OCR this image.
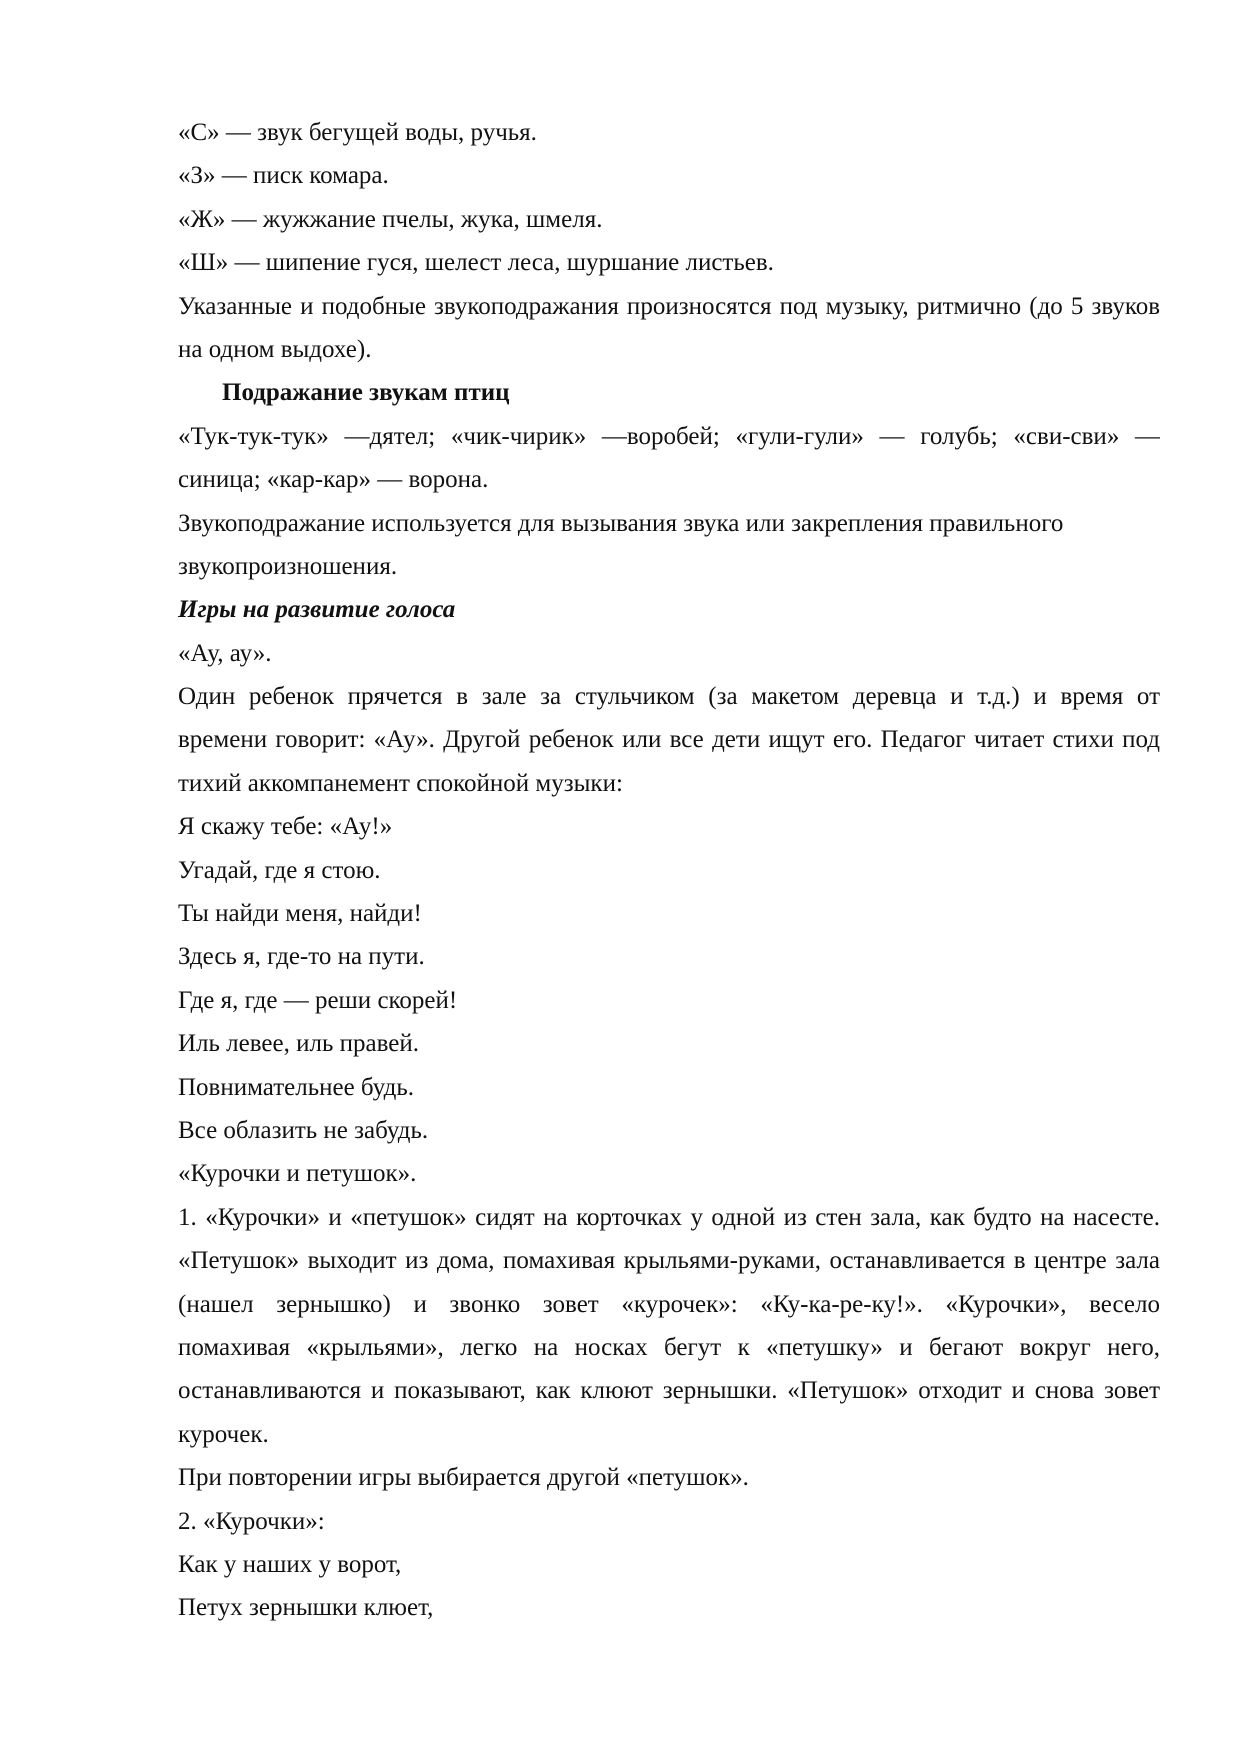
«С» — звук бегущей воды, ручья.
«З» — писк комара.
«Ж» — жужжание пчелы, жука, шмеля.
«Ш» — шипение гуся, шелест леса, шуршание листьев.
Указанные и подобные звукоподражания произносятся под музыку, ритмично (до 5 звуков
на одном выдохе).
Подражание звукам птиц
«Тук-тук-тук» —дятел; «чик-чирик» —воробей; «гули-гули» — голубь; «сви-сви» —
синица; «кар-кар» — ворона.
Звукоподражание используется для вызывания звука или закрепления правильного
звукопроизношения.
Игры на развитие голоса
«Ау, ау».
Один ребенок прячется в зале за стульчиком (за макетом деревца и т.д.) и время от
времени говорит: «Ау». Другой ребенок или все дети ищут его. Педагог читает стихи под
тихий аккомпанемент спокойной музыки:
Я скажу тебе: «Ау!»
Угадай, где я стою.
Ты найди меня, найди!
Здесь я, где-то на пути.
Где я, где — реши скорей!
Иль левее, иль правей.
Повнимательнее будь.
Все облазить не забудь.
«Курочки и петушок».
1. «Курочки» и «петушок» сидят на корточках у одной из стен зала, как будто на насесте.
«Петушок» выходит из дома, помахивая крыльями-руками, останавливается в центре зала
(нашел зернышко) и звонко зовет «курочек»: «Ку-ка-ре-ку!». «Курочки», весело
помахивая «крыльями», легко на носках бегут к «петушку» и бегают вокруг него,
останавливаются и показывают, как клюют зернышки. «Петушок» отходит и снова зовет
курочек.
При повторении игры выбирается другой «петушок».
2. «Курочки»:
Как у наших у ворот,
Петух зернышки клюет,
